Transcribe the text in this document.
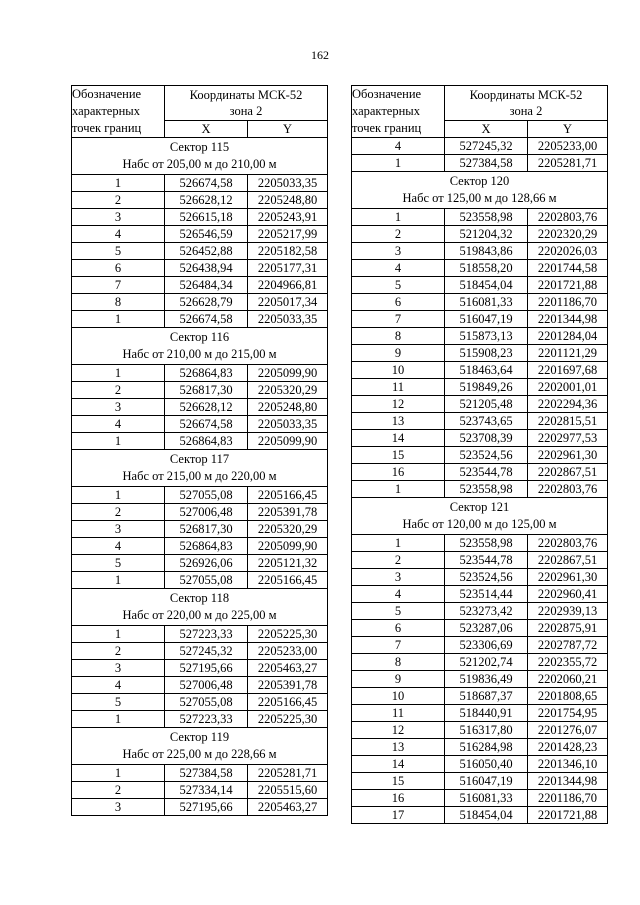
162
Обозначение
характерных
точек границ	Координаты МСК-52
зона 2	
	X	Y
Сектор 115
Набс от 205,00 м до 210,00 м		
1	526674,58	2205033,35
2	526628,12	2205248,80
3	526615,18	2205243,91
4	526546,59	2205217,99
5	526452,88	2205182,58
6	526438,94	2205177,31
7	526484,34	2204966,81
8	526628,79	2205017,34
1	526674,58	2205033,35
Сектор 116
Набс от 210,00 м до 215,00 м		
1	526864,83	2205099,90
2	526817,30	2205320,29
3	526628,12	2205248,80
4	526674,58	2205033,35
1	526864,83	2205099,90
Сектор 117
Набс от 215,00 м до 220,00 м		
1	527055,08	2205166,45
2	527006,48	2205391,78
3	526817,30	2205320,29
4	526864,83	2205099,90
5	526926,06	2205121,32
1	527055,08	2205166,45
Сектор 118
Набс от 220,00 м до 225,00 м		
1	527223,33	2205225,30
2	527245,32	2205233,00
3	527195,66	2205463,27
4	527006,48	2205391,78
5	527055,08	2205166,45
1	527223,33	2205225,30
Сектор 119
Набс от 225,00 м до 228,66 м		
1	527384,58	2205281,71
2	527334,14	2205515,60
3	527195,66	2205463,27
Обозначение
характерных
точек границ	Координаты МСК-52
зона 2	
	X	Y
4	527245,32	2205233,00
1	527384,58	2205281,71
Сектор 120
Набс от 125,00 м до 128,66 м		
1	523558,98	2202803,76
2	521204,32	2202320,29
3	519843,86	2202026,03
4	518558,20	2201744,58
5	518454,04	2201721,88
6	516081,33	2201186,70
7	516047,19	2201344,98
8	515873,13	2201284,04
9	515908,23	2201121,29
10	518463,64	2201697,68
11	519849,26	2202001,01
12	521205,48	2202294,36
13	523743,65	2202815,51
14	523708,39	2202977,53
15	523524,56	2202961,30
16	523544,78	2202867,51
1	523558,98	2202803,76
Сектор 121
Набс от 120,00 м до 125,00 м		
1	523558,98	2202803,76
2	523544,78	2202867,51
3	523524,56	2202961,30
4	523514,44	2202960,41
5	523273,42	2202939,13
6	523287,06	2202875,91
7	523306,69	2202787,72
8	521202,74	2202355,72
9	519836,49	2202060,21
10	518687,37	2201808,65
11	518440,91	2201754,95
12	516317,80	2201276,07
13	516284,98	2201428,23
14	516050,40	2201346,10
15	516047,19	2201344,98
16	516081,33	2201186,70
17	518454,04	2201721,88
